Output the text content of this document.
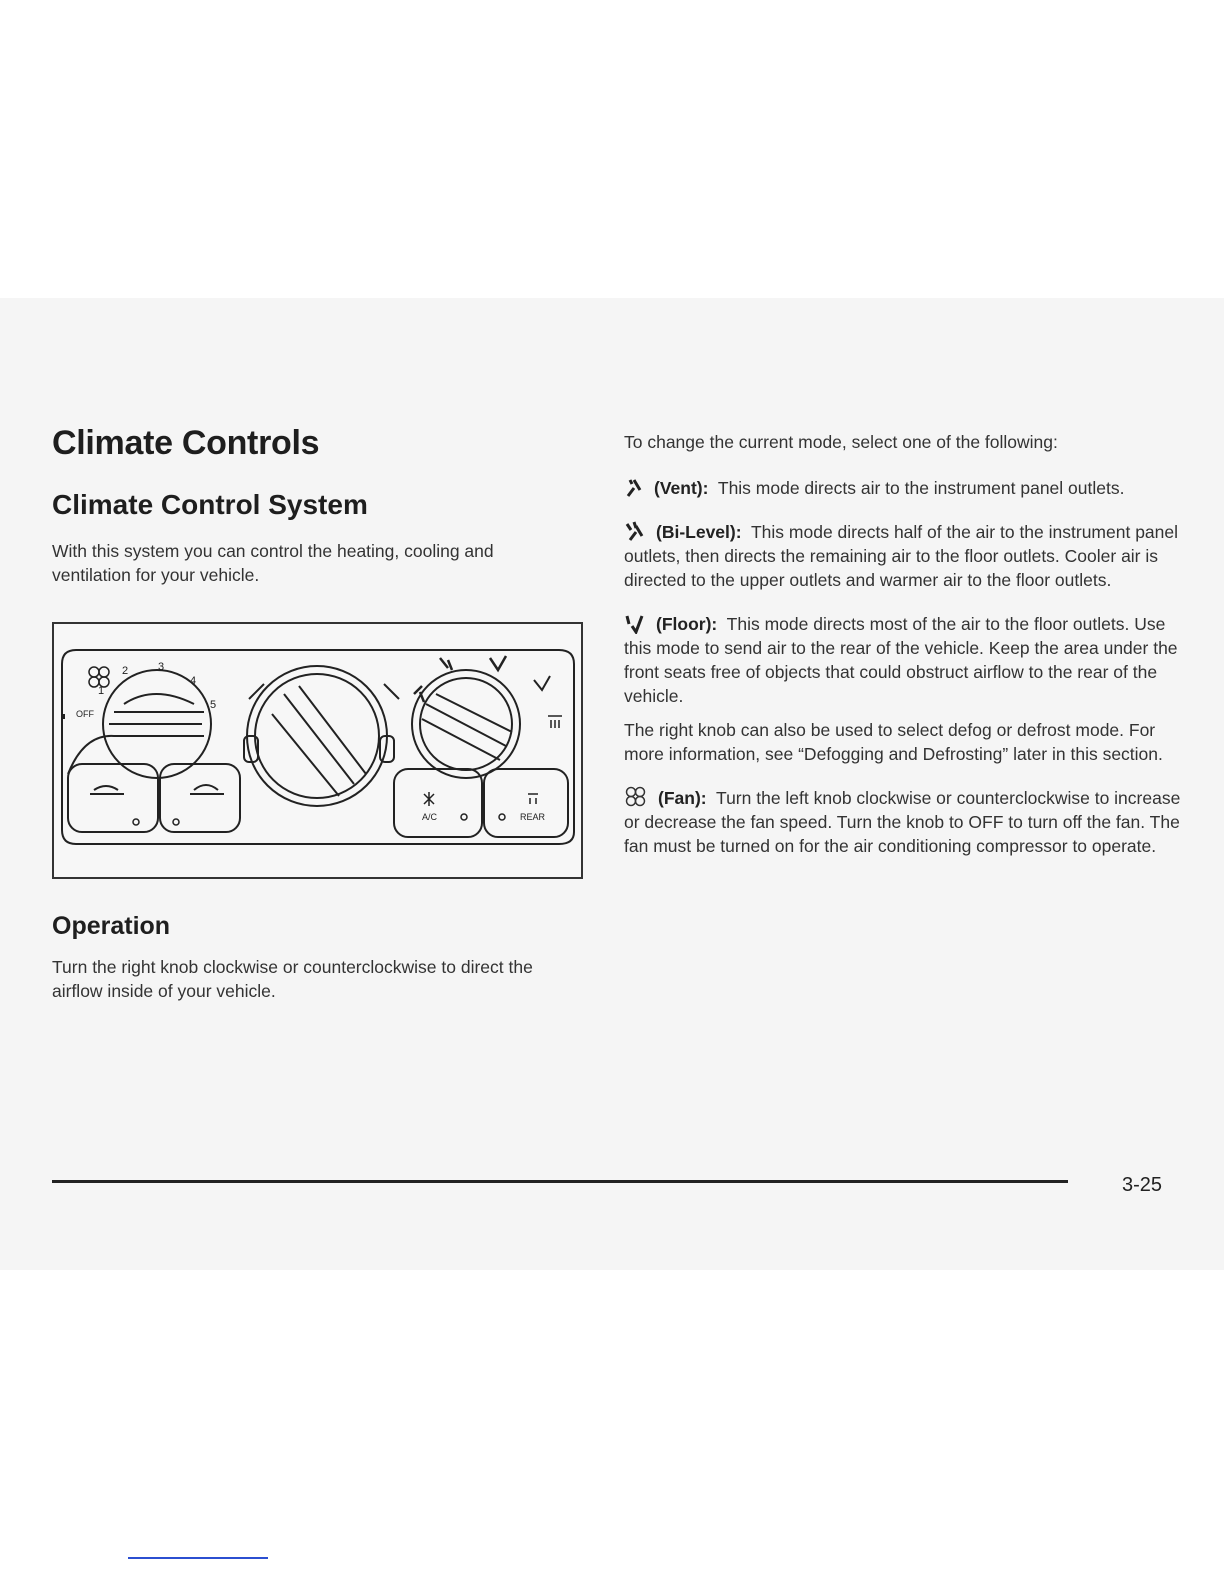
Climate Controls
Climate Control System

With this system you can control the heating, cooling and ventilation for your vehicle.

OFF
1
2	3
4
5
A/C	REAR
Operation

Turn the right knob clockwise or counterclockwise to direct the airflow inside of your vehicle.

To change the current mode, select one of the following:

(Vent): This mode directs air to the instrument panel outlets.

(Bi-Level): This mode directs half of the air to the instrument panel outlets, then directs the remaining air to the floor outlets. Cooler air is directed to the upper outlets and warmer air to the floor outlets.

(Floor): This mode directs most of the air to the floor outlets. Use this mode to send air to the rear of the vehicle. Keep the area under the front seats free of objects that could obstruct airflow to the rear of the vehicle.

The right knob can also be used to select defog or defrost mode. For more information, see “Defogging and Defrosting” later in this section.

(Fan): Turn the left knob clockwise or counterclockwise to increase or decrease the fan speed. Turn the knob to OFF to turn off the fan. The fan must be turned on for the air conditioning compressor to operate.

3-25
